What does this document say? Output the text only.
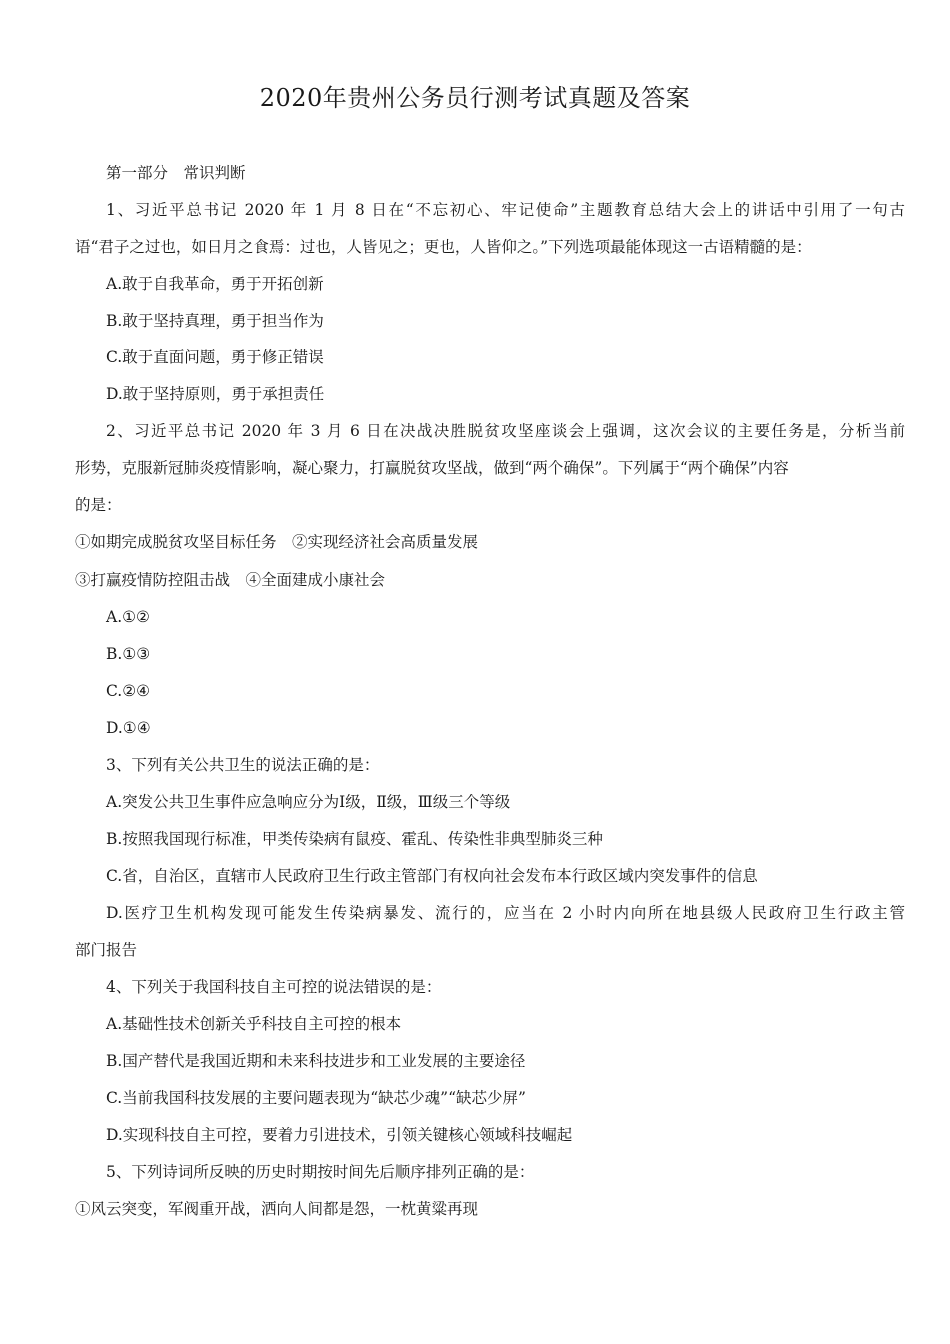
2020年贵州公务员行测考试真题及答案
第一部分　常识判断
1、习近平总书记 2020 年 1 月 8 日在“不忘初心、牢记使命”主题教育总结大会上的讲话中引用了一句古
语“君子之过也，如日月之食焉：过也，人皆见之；更也，人皆仰之。”下列选项最能体现这一古语精髓的是：
A.敢于自我革命，勇于开拓创新
B.敢于坚持真理，勇于担当作为
C.敢于直面问题，勇于修正错误
D.敢于坚持原则，勇于承担责任
2、习近平总书记 2020 年 3 月 6 日在决战决胜脱贫攻坚座谈会上强调，这次会议的主要任务是，分析当前
形势，克服新冠肺炎疫情影响，凝心聚力，打赢脱贫攻坚战，做到“两个确保”。下列属于“两个确保”内容
的是：
①如期完成脱贫攻坚目标任务　②实现经济社会高质量发展
③打赢疫情防控阻击战　④全面建成小康社会
A.①②
B.①③
C.②④
D.①④
3、下列有关公共卫生的说法正确的是：
A.突发公共卫生事件应急响应分为Ⅰ级，Ⅱ级，Ⅲ级三个等级
B.按照我国现行标准，甲类传染病有鼠疫、霍乱、传染性非典型肺炎三种
C.省，自治区，直辖市人民政府卫生行政主管部门有权向社会发布本行政区域内突发事件的信息
D.医疗卫生机构发现可能发生传染病暴发、流行的，应当在 2 小时内向所在地县级人民政府卫生行政主管
部门报告
4、下列关于我国科技自主可控的说法错误的是：
A.基础性技术创新关乎科技自主可控的根本
B.国产替代是我国近期和未来科技进步和工业发展的主要途径
C.当前我国科技发展的主要问题表现为“缺芯少魂”“缺芯少屏”
D.实现科技自主可控，要着力引进技术，引领关键核心领域科技崛起
5、下列诗词所反映的历史时期按时间先后顺序排列正确的是：
①风云突变，军阀重开战，洒向人间都是怨，一枕黄粱再现
